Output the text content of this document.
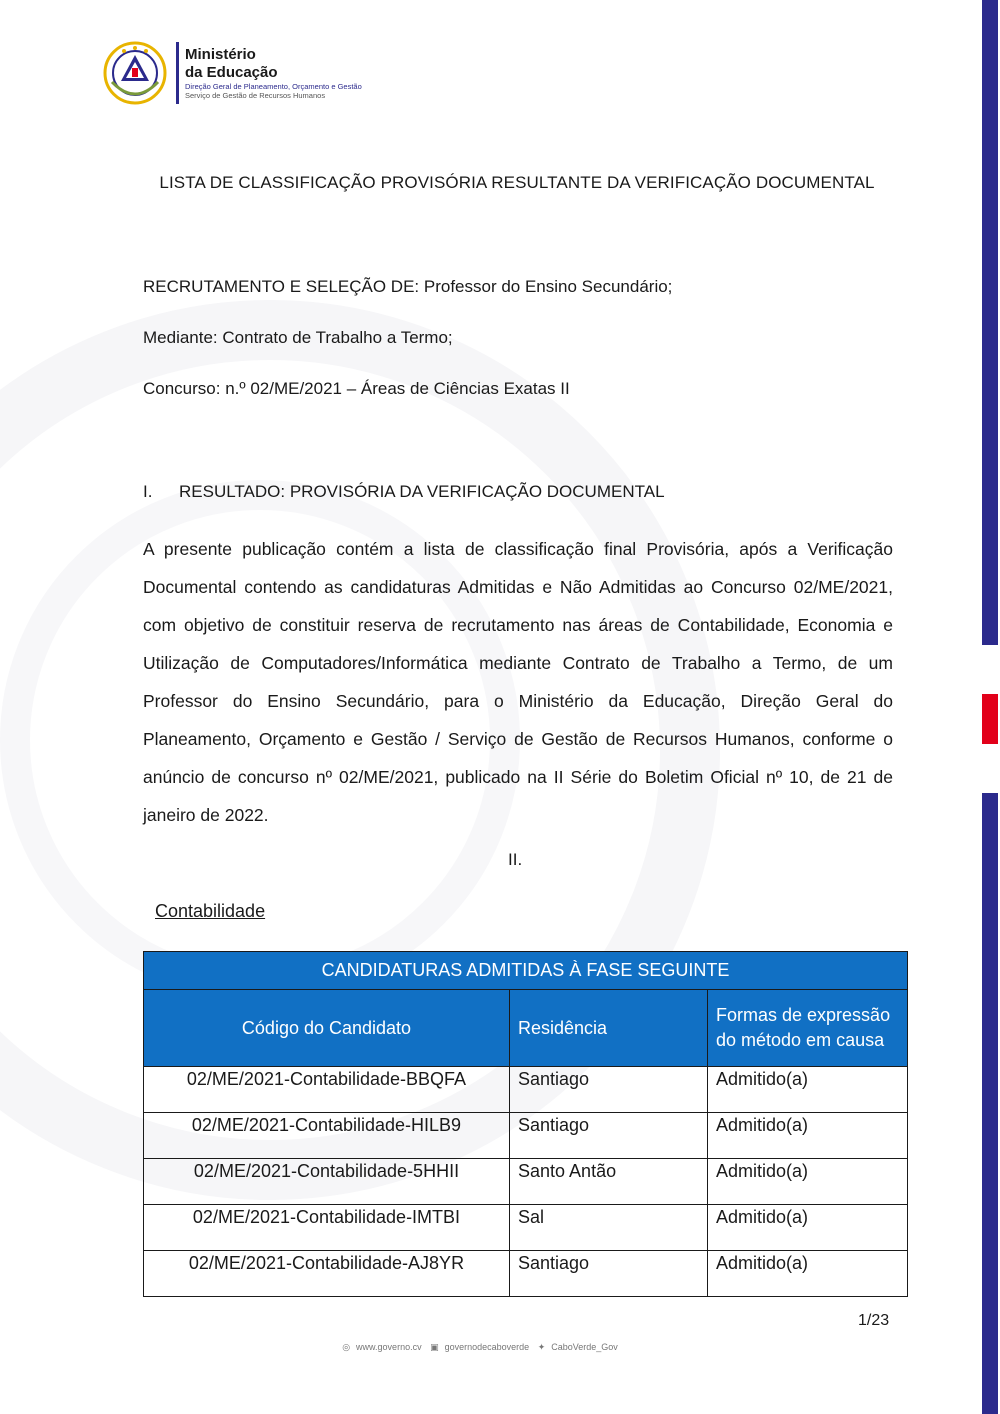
Ministério
da Educação
Direção Geral de Planeamento, Orçamento e Gestão
Serviço de Gestão de Recursos Humanos
LISTA DE CLASSIFICAÇÃO PROVISÓRIA RESULTANTE DA VERIFICAÇÃO DOCUMENTAL
RECRUTAMENTO E SELEÇÃO DE: Professor do Ensino Secundário;
Mediante: Contrato de Trabalho a Termo;
Concurso: n.º 02/ME/2021 – Áreas de Ciências Exatas II
I. RESULTADO: PROVISÓRIA DA VERIFICAÇÃO DOCUMENTAL
A presente publicação contém a lista de classificação final Provisória, após a Verificação Documental contendo as candidaturas Admitidas e Não Admitidas ao Concurso 02/ME/2021, com objetivo de constituir reserva de recrutamento nas áreas de Contabilidade, Economia e Utilização de Computadores/Informática mediante Contrato de Trabalho a Termo, de um Professor do Ensino Secundário, para o Ministério da Educação, Direção Geral do Planeamento, Orçamento e Gestão / Serviço de Gestão de Recursos Humanos, conforme o anúncio de concurso nº 02/ME/2021, publicado na II Série do Boletim Oficial nº 10, de 21 de janeiro de 2022.
II.
Contabilidade
CANDIDATURAS ADMITIDAS À FASE SEGUINTE		
Código do Candidato	Residência	Formas de expressão do método em causa
02/ME/2021-Contabilidade-BBQFA	Santiago	Admitido(a)
02/ME/2021-Contabilidade-HILB9	Santiago	Admitido(a)
02/ME/2021-Contabilidade-5HHII	Santo Antão	Admitido(a)
02/ME/2021-Contabilidade-IMTBI	Sal	Admitido(a)
02/ME/2021-Contabilidade-AJ8YR	Santiago	Admitido(a)
1/23
◎ www.governo.cv ▣ governodecaboverde ✦ CaboVerde_Gov
